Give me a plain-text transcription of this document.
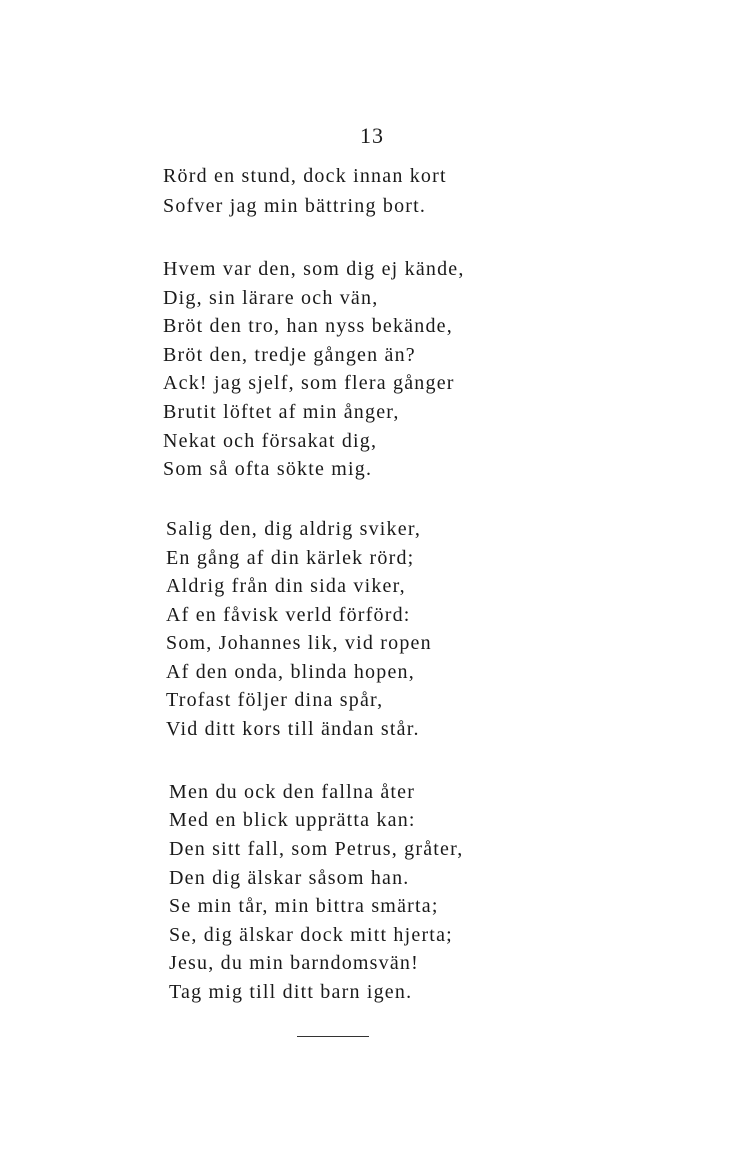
13
Rörd en stund, dock innan kort
Sofver jag min bättring bort.
Hvem var den, som dig ej kände,
Dig, sin lärare och vän,
Bröt den tro, han nyss bekände,
Bröt den, tredje gången än?
Ack! jag sjelf, som flera gånger
Brutit löftet af min ånger,
Nekat och försakat dig,
Som så ofta sökte mig.
Salig den, dig aldrig sviker,
En gång af din kärlek rörd;
Aldrig från din sida viker,
Af en fåvisk verld förförd:
Som, Johannes lik, vid ropen
Af den onda, blinda hopen,
Trofast följer dina spår,
Vid ditt kors till ändan står.
Men du ock den fallna åter
Med en blick upprätta kan:
Den sitt fall, som Petrus, gråter,
Den dig älskar såsom han.
Se min tår, min bittra smärta;
Se, dig älskar dock mitt hjerta;
Jesu, du min barndomsvän!
Tag mig till ditt barn igen.
